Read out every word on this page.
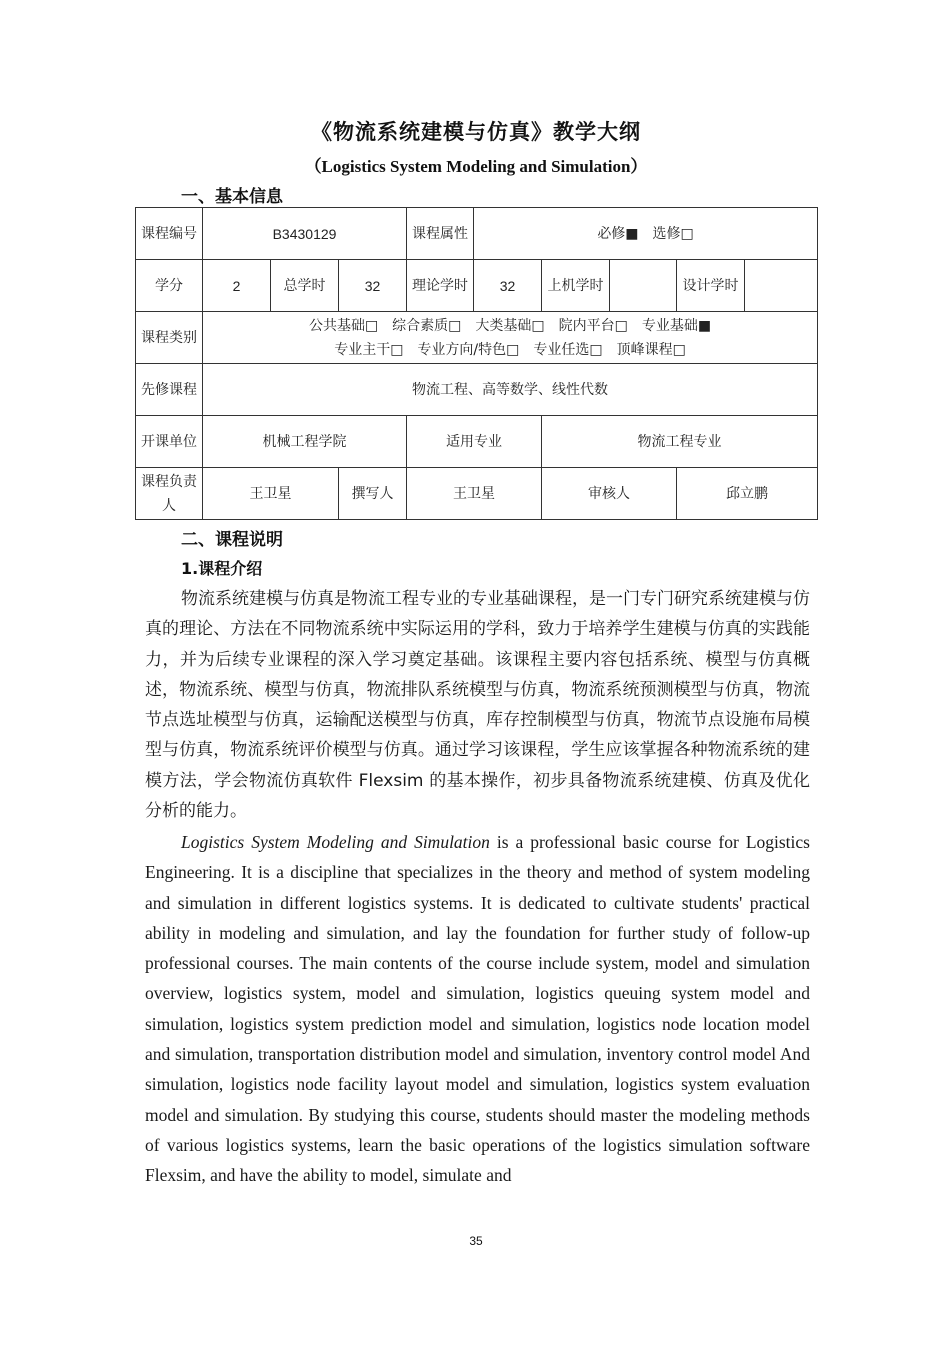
《物流系统建模与仿真》教学大纲
（Logistics System Modeling and Simulation）
一、基本信息
课程编号	B3430129			课程属性	必修■　选修□				
学分	2	总学时	32	理论学时	32	上机学时		设计学时	
课程类别	公共基础□　综合素质□　大类基础□　院内平台□　专业基础■
专业主干□　专业方向/特色□　专业任选□　顶峰课程□								

先修课程	物流工程、高等数学、线性代数								
开课单位	机械工程学院			适用专业		物流工程专业			
课程负责人	王卫星		撰写人	王卫星		审核人		邱立鹏	
二、课程说明
1.课程介绍

物流系统建模与仿真是物流工程专业的专业基础课程，是一门专门研究系统建模与仿真的理论、方法在不同物流系统中实际运用的学科，致力于培养学生建模与仿真的实践能力，并为后续专业课程的深入学习奠定基础。该课程主要内容包括系统、模型与仿真概述，物流系统、模型与仿真，物流排队系统模型与仿真，物流系统预测模型与仿真，物流节点选址模型与仿真，运输配送模型与仿真，库存控制模型与仿真，物流节点设施布局模型与仿真，物流系统评价模型与仿真。通过学习该课程，学生应该掌握各种物流系统的建模方法，学会物流仿真软件 Flexsim 的基本操作，初步具备物流系统建模、仿真及优化分析的能力。

Logistics System Modeling and Simulation is a professional basic course for Logistics Engineering. It is a discipline that specializes in the theory and method of system modeling and simulation in different logistics systems. It is dedicated to cultivate students' practical ability in modeling and simulation, and lay the foundation for further study of follow-up professional courses. The main contents of the course include system, model and simulation overview, logistics system, model and simulation, logistics queuing system model and simulation, logistics system prediction model and simulation, logistics node location model and simulation, transportation distribution model and simulation, inventory control model And simulation, logistics node facility layout model and simulation, logistics system evaluation model and simulation. By studying this course, students should master the modeling methods of various logistics systems, learn the basic operations of the logistics simulation software Flexsim, and have the ability to model, simulate and

35
